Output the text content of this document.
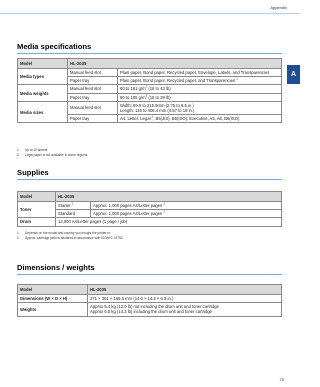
Appendix
A
Media specifications
Model	HL-2035	
Media types	Manual feed slot	Plain paper, Bond paper, Recycled paper, Envelope, Labels, and Transparencies
	Paper tray	Plain paper, Bond paper, Recycled paper, and Transparencies $^1$
Media weights	Manual feed slot	60 to 161 $g/m^2$ (16 to 43 lb)
	Paper tray	60 to 105 $g/m^2$ (16 to 28 lb)
Media sizes	Manual feed slot	Width: 69.9 to 215.9mm (2.75 to 8.5 in.)
Length: 116 to 406.4 mm (4.57 to 16 in.)

	Paper tray	A4, Letter, Legal $^2$, B5(JIS), B5(ISO), Executive, A5, A6, B6(ISO)
1	Up to 10 sheets
2	Legal paper is not available in some regions.
Supplies
Model	HL-2035	
Toner	Starter $^1$	Approx. 1,000 pages A4/Letter pages $^2$
	Standard	Approx. 1,000 pages A4/Letter pages $^2$
Drum	12,000 A4/Letter pages (1 page / job)	
1	Depends on the model and country you bought the printer in.
2	Approx. cartridge yield is declared in accordance with ISO/IEC 19752.
Dimensions / weights
Model	HL-2035
Dimensions (W × D × H)	371 × 361 × 165.5 mm (14.6 × 14.2 × 6.5 in.)
Weights	Approx 5.4 kg (12.0 lb) not including the drum unit and toner cartridge
Approx 6.5 kg (14.3 lb) including the drum unit and toner cartridge
75
